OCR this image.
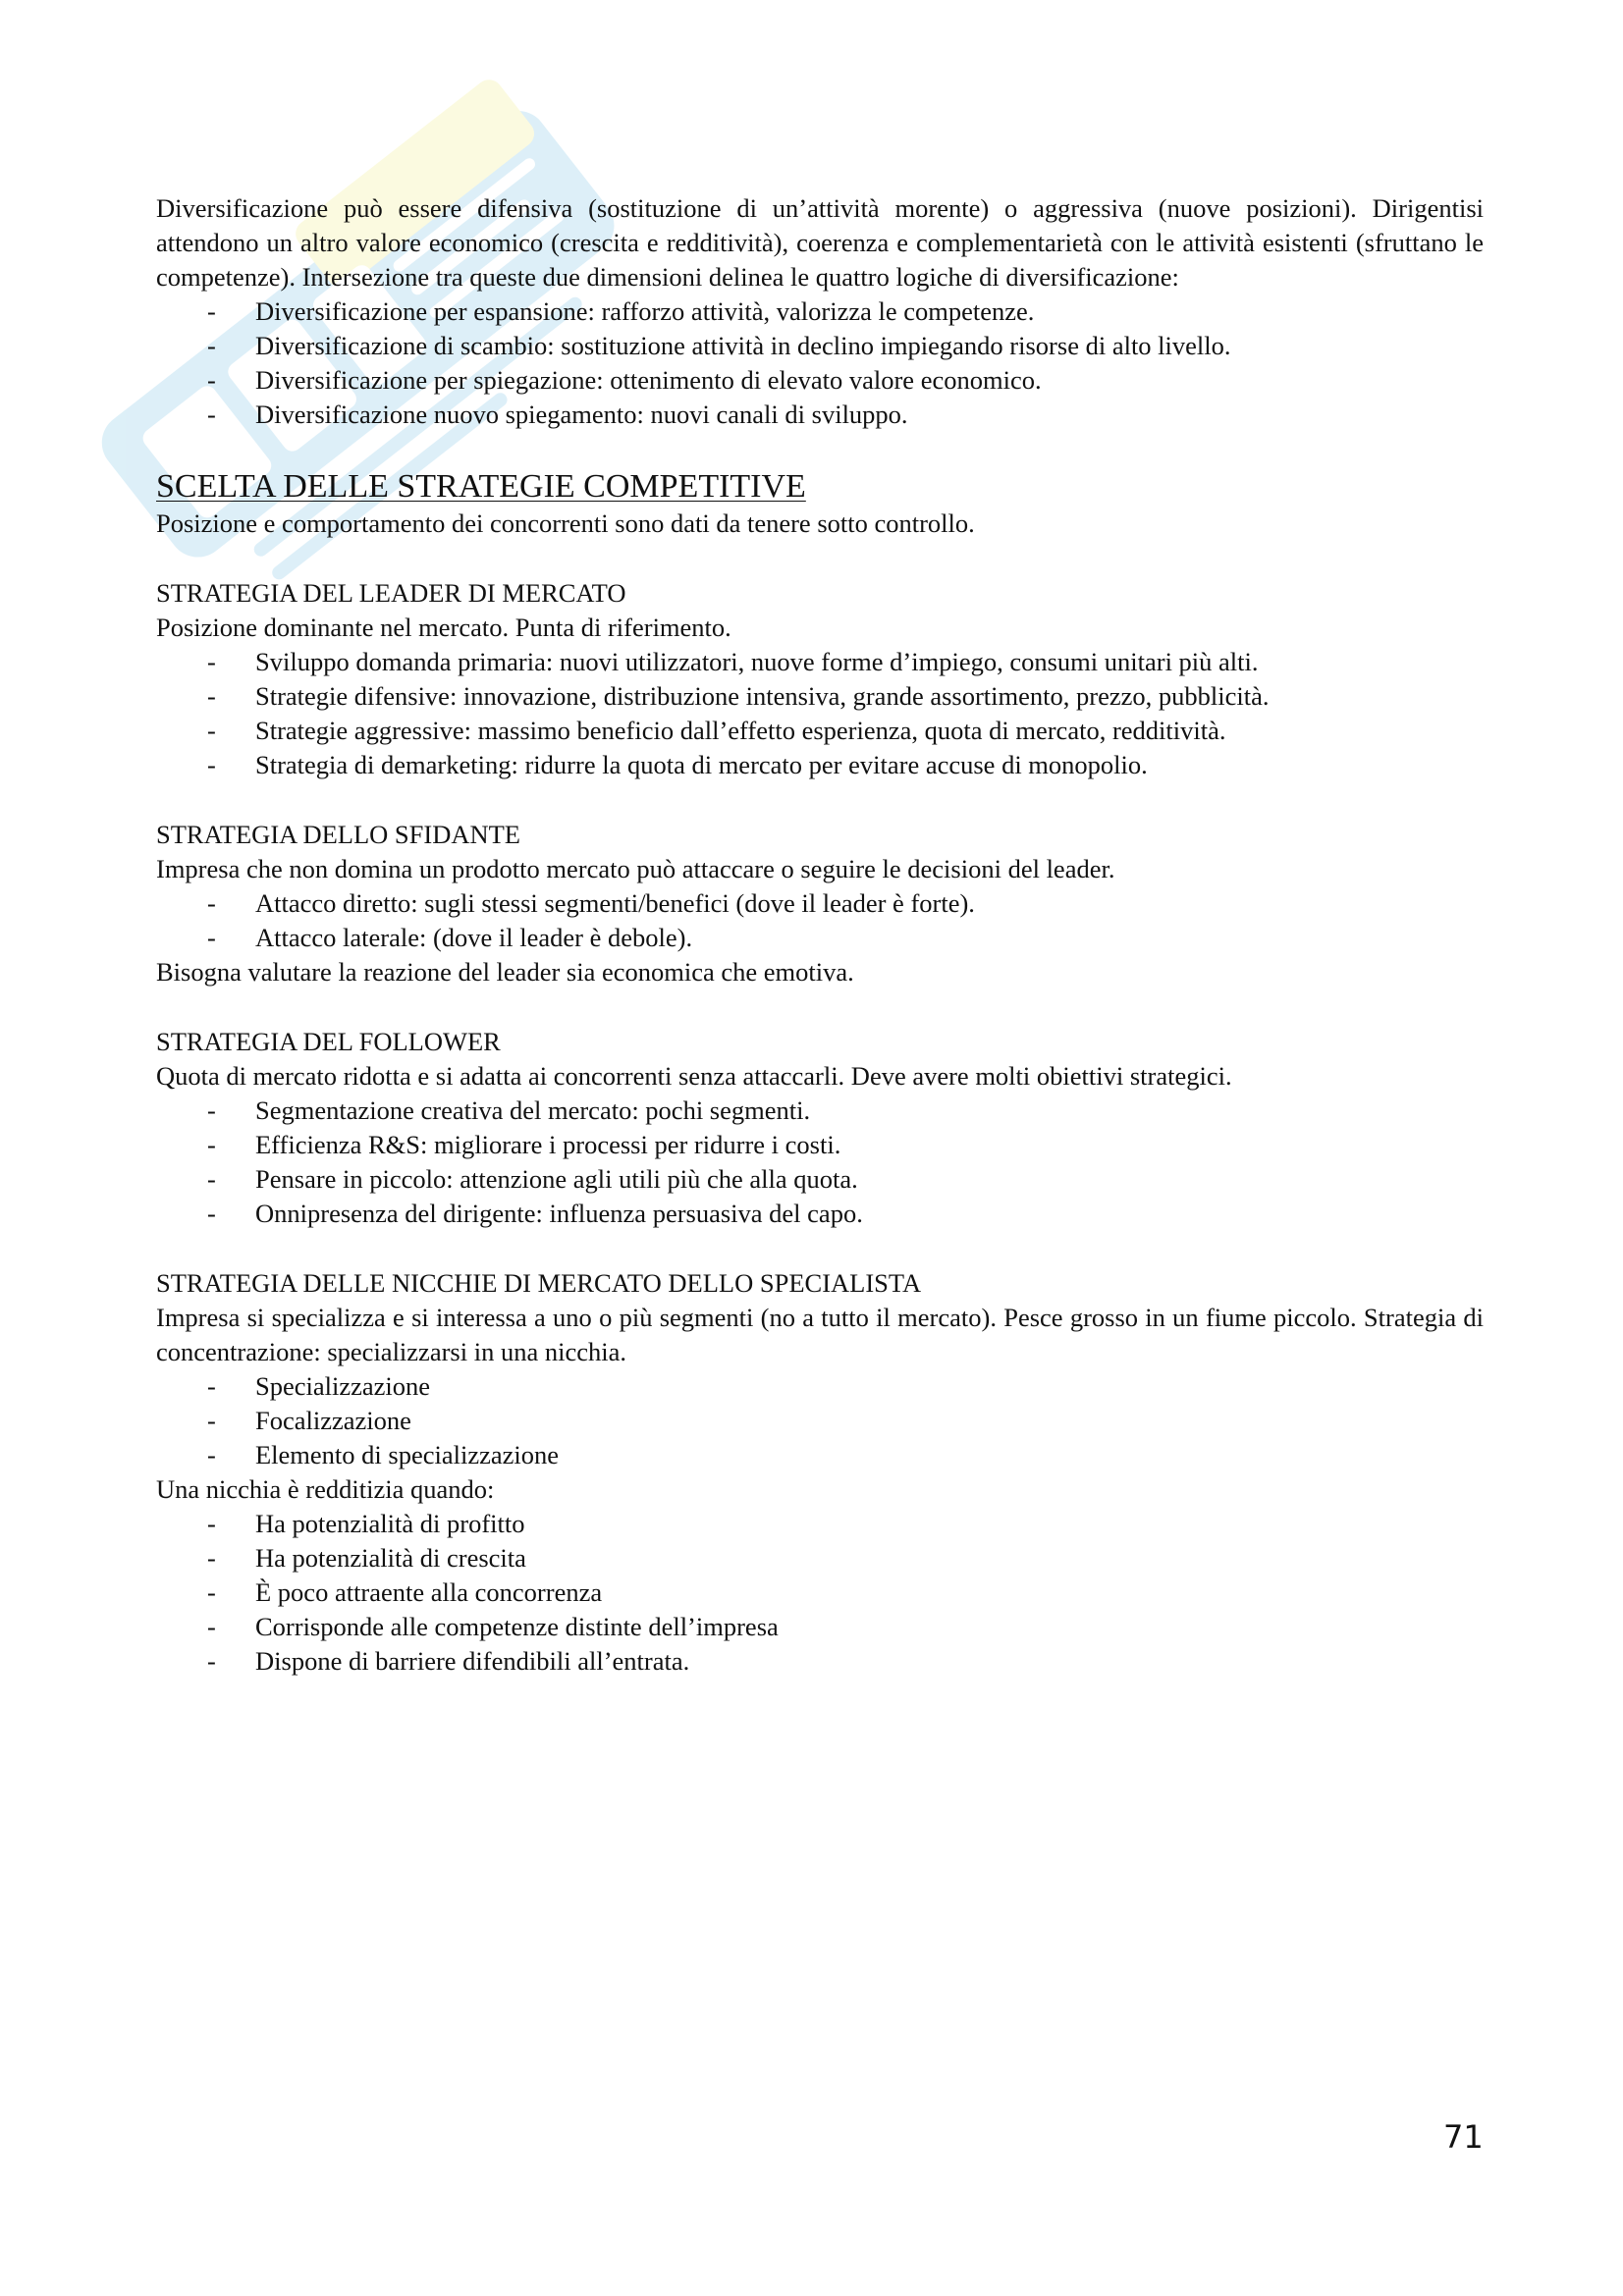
Diversificazione può essere difensiva (sostituzione di un’attività morente) o aggressiva (nuove posizioni). Dirigentisi attendono un altro valore economico (crescita e redditività), coerenza e complementarietà con le attività esistenti (sfruttano le competenze). Intersezione tra queste due dimensioni delinea le quattro logiche di diversificazione:

- Diversificazione per espansione: rafforzo attività, valorizza le competenze.
- Diversificazione di scambio: sostituzione attività in declino impiegando risorse di alto livello.
- Diversificazione per spiegazione: ottenimento di elevato valore economico.
- Diversificazione nuovo spiegamento: nuovi canali di sviluppo.

SCELTA DELLE STRATEGIE COMPETITIVE

Posizione e comportamento dei concorrenti sono dati da tenere sotto controllo.

STRATEGIA DEL LEADER DI MERCATO

Posizione dominante nel mercato. Punta di riferimento.

- Sviluppo domanda primaria: nuovi utilizzatori, nuove forme d’impiego, consumi unitari più alti.
- Strategie difensive: innovazione, distribuzione intensiva, grande assortimento, prezzo, pubblicità.
- Strategie aggressive: massimo beneficio dall’effetto esperienza, quota di mercato, redditività.
- Strategia di demarketing: ridurre la quota di mercato per evitare accuse di monopolio.

STRATEGIA DELLO SFIDANTE

Impresa che non domina un prodotto mercato può attaccare o seguire le decisioni del leader.

- Attacco diretto: sugli stessi segmenti/benefici (dove il leader è forte).
- Attacco laterale: (dove il leader è debole).

Bisogna valutare la reazione del leader sia economica che emotiva.

STRATEGIA DEL FOLLOWER

Quota di mercato ridotta e si adatta ai concorrenti senza attaccarli. Deve avere molti obiettivi strategici.

- Segmentazione creativa del mercato: pochi segmenti.
- Efficienza R&S: migliorare i processi per ridurre i costi.
- Pensare in piccolo: attenzione agli utili più che alla quota.
- Onnipresenza del dirigente: influenza persuasiva del capo.

STRATEGIA DELLE NICCHIE DI MERCATO DELLO SPECIALISTA

Impresa si specializza e si interessa a uno o più segmenti (no a tutto il mercato). Pesce grosso in un fiume piccolo. Strategia di concentrazione: specializzarsi in una nicchia.

- Specializzazione
- Focalizzazione
- Elemento di specializzazione

Una nicchia è redditizia quando:

- Ha potenzialità di profitto
- Ha potenzialità di crescita
- È poco attraente alla concorrenza
- Corrisponde alle competenze distinte dell’impresa
- Dispone di barriere difendibili all’entrata.
71
